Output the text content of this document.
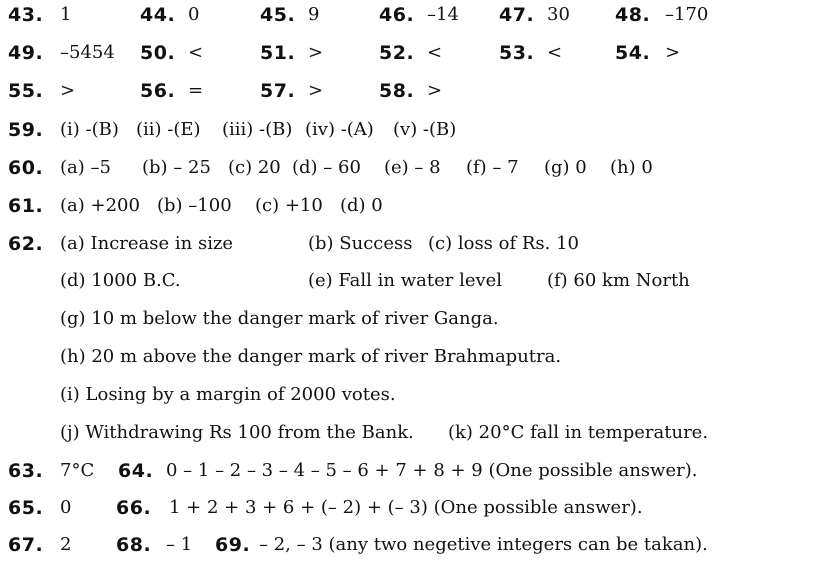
43. 1	44. 0	45. 9	46. –14 47. 30 48. –170
49. –5454 50. <	51. >	52. <	53. <	54. >
55. >	56. =	57. >	58. >
59. (i) -(B) (ii) -(E) (iii) -(B) (iv) -(A) (v) -(B)
60. (a) –5 (b) – 25 (c) 20 (d) – 60 (e) – 8 (f) – 7 (g) 0 (h) 0
61. (a) +200 (b) –100 (c) +10 (d) 0
62. (a) Increase in size	(b) Success (c) loss of Rs. 10
(d) 1000 B.C.	(e) Fall in water level (f) 60 km North
(g) 10 m below the danger mark of river Ganga.
(h) 20 m above the danger mark of river Brahmaputra.
(i) Losing by a margin of 2000 votes.
(j) Withdrawing Rs 100 from the Bank. (k) 20°C fall in temperature.
63. 7°C 64. 0 – 1 – 2 – 3 – 4 – 5 – 6 + 7 + 8 + 9 (One possible answer).
65. 0 66. 1 + 2 + 3 + 6 + (– 2) + (– 3) (One possible answer).
67. 2 68. – 1 69. – 2, – 3 (any two negetive integers can be takan).
